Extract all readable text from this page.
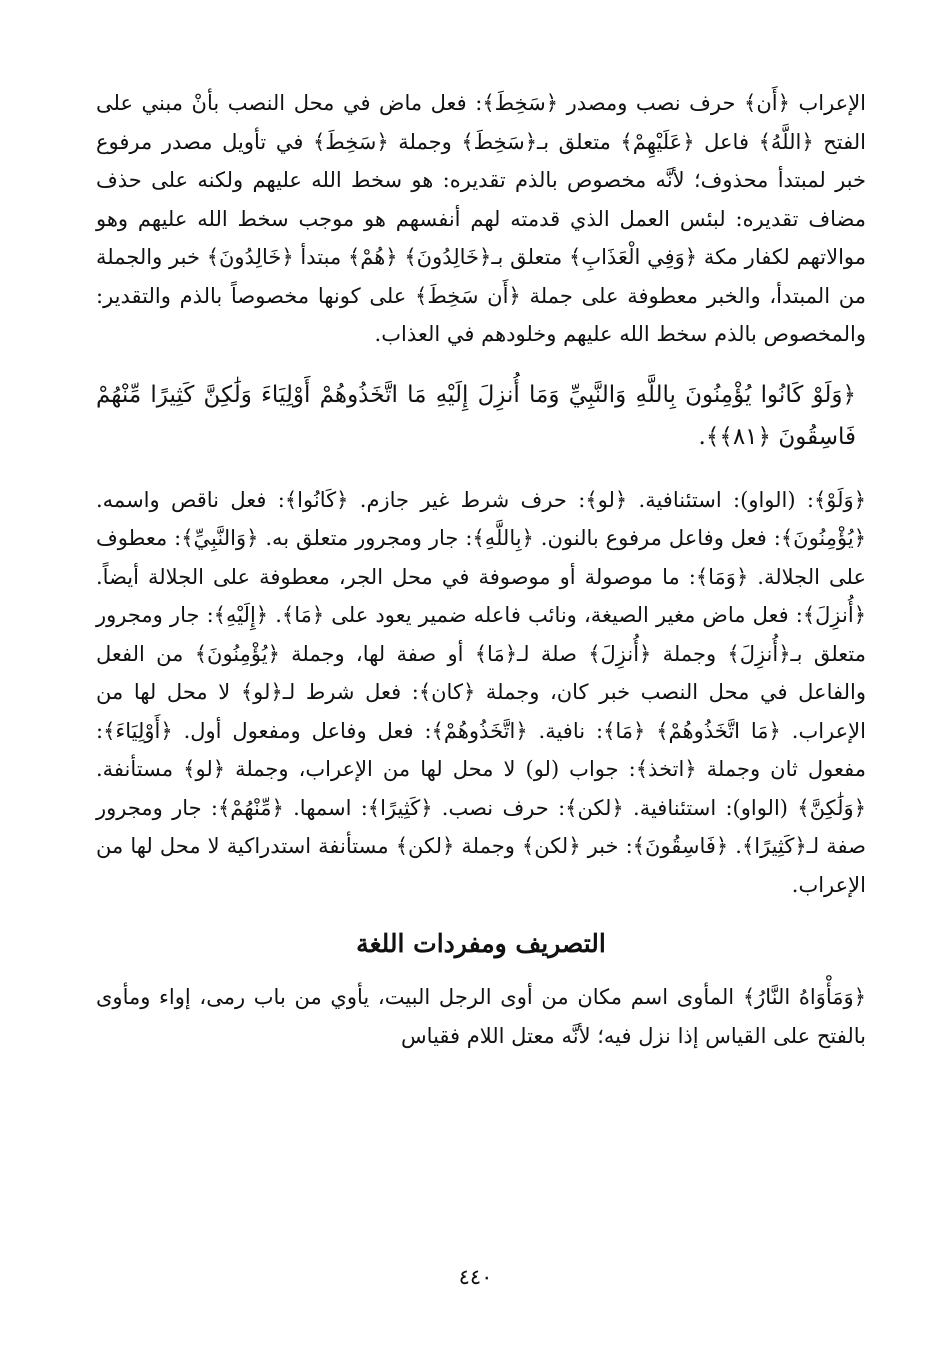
الإعراب ﴿أَن﴾ حرف نصب ومصدر ﴿سَخِطَ﴾: فعل ماض في محل النصب بأنْ مبني على الفتح ﴿اللَّهُ﴾ فاعل ﴿عَلَيْهِمْ﴾ متعلق بـ﴿سَخِطَ﴾ وجملة ﴿سَخِطَ﴾ في تأويل مصدر مرفوع خبر لمبتدأ محذوف؛ لأنَّه مخصوص بالذم تقديره: هو سخط الله عليهم ولكنه على حذف مضاف تقديره: لبئس العمل الذي قدمته لهم أنفسهم هو موجب سخط الله عليهم وهو موالاتهم لكفار مكة ﴿وَفِي الْعَذَابِ﴾ متعلق بـ﴿خَالِدُونَ﴾ ﴿هُمْ﴾ مبتدأ ﴿خَالِدُونَ﴾ خبر والجملة من المبتدأ، والخبر معطوفة على جملة ﴿أَن سَخِطَ﴾ على كونها مخصوصاً بالذم والتقدير: والمخصوص بالذم سخط الله عليهم وخلودهم في العذاب.

﴿وَلَوْ كَانُوا يُؤْمِنُونَ بِاللَّهِ وَالنَّبِيِّ وَمَا أُنزِلَ إِلَيْهِ مَا اتَّخَذُوهُمْ أَوْلِيَاءَ وَلَٰكِنَّ كَثِيرًا مِّنْهُمْ فَاسِقُونَ ﴿٨١﴾﴾.

﴿وَلَوْ﴾: (الواو): استئنافية. ﴿لو﴾: حرف شرط غير جازم. ﴿كَانُوا﴾: فعل ناقص واسمه. ﴿يُؤْمِنُونَ﴾: فعل وفاعل مرفوع بالنون. ﴿بِاللَّهِ﴾: جار ومجرور متعلق به. ﴿وَالنَّبِيِّ﴾: معطوف على الجلالة. ﴿وَمَا﴾: ما موصولة أو موصوفة في محل الجر، معطوفة على الجلالة أيضاً. ﴿أُنزِلَ﴾: فعل ماض مغير الصيغة، ونائب فاعله ضمير يعود على ﴿مَا﴾. ﴿إِلَيْهِ﴾: جار ومجرور متعلق بـ﴿أُنزِلَ﴾ وجملة ﴿أُنزِلَ﴾ صلة لـ﴿مَا﴾ أو صفة لها، وجملة ﴿يُؤْمِنُونَ﴾ من الفعل والفاعل في محل النصب خبر كان، وجملة ﴿كان﴾: فعل شرط لـ﴿لو﴾ لا محل لها من الإعراب. ﴿مَا اتَّخَذُوهُمْ﴾ ﴿مَا﴾: نافية. ﴿اتَّخَذُوهُمْ﴾: فعل وفاعل ومفعول أول. ﴿أَوْلِيَاءَ﴾: مفعول ثان وجملة ﴿اتخذ﴾: جواب (لو) لا محل لها من الإعراب، وجملة ﴿لو﴾ مستأنفة. ﴿وَلَٰكِنَّ﴾ (الواو): استئنافية. ﴿لكن﴾: حرف نصب. ﴿كَثِيرًا﴾: اسمها. ﴿مِّنْهُمْ﴾: جار ومجرور صفة لـ﴿كَثِيرًا﴾. ﴿فَاسِقُونَ﴾: خبر ﴿لكن﴾ وجملة ﴿لكن﴾ مستأنفة استدراكية لا محل لها من الإعراب.

التصريف ومفردات اللغة

﴿وَمَأْوَاهُ النَّارُ﴾ المأوى اسم مكان من أوى الرجل البيت، يأوي من باب رمى، إواء ومأوى بالفتح على القياس إذا نزل فيه؛ لأنَّه معتل اللام فقياس

٤٤٠
